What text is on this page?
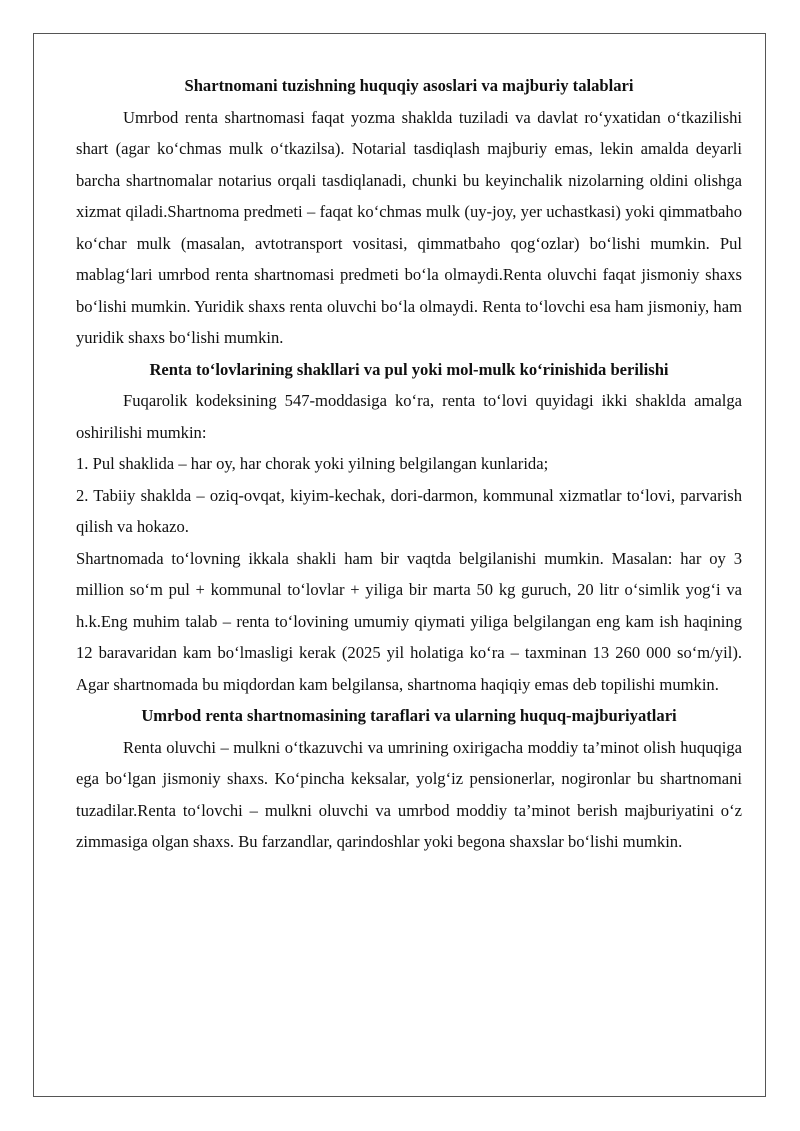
Shartnomani tuzishning huquqiy asoslari va majburiy talablari

Umrbod renta shartnomasi faqat yozma shaklda tuziladi va davlat ro‘yxatidan o‘tkazilishi shart (agar ko‘chmas mulk o‘tkazilsa). Notarial tasdiqlash majburiy emas, lekin amalda deyarli barcha shartnomalar notarius orqali tasdiqlanadi, chunki bu keyinchalik nizolarning oldini olishga xizmat qiladi.Shartnoma predmeti – faqat ko‘chmas mulk (uy-joy, yer uchastkasi) yoki qimmatbaho ko‘char mulk (masalan, avtotransport vositasi, qimmatbaho qog‘ozlar) bo‘lishi mumkin. Pul mablag‘lari umrbod renta shartnomasi predmeti bo‘la olmaydi.Renta oluvchi faqat jismoniy shaxs bo‘lishi mumkin. Yuridik shaxs renta oluvchi bo‘la olmaydi. Renta to‘lovchi esa ham jismoniy, ham yuridik shaxs bo‘lishi mumkin.

Renta to‘lovlarining shakllari va pul yoki mol-mulk ko‘rinishida berilishi

Fuqarolik kodeksining 547-moddasiga ko‘ra, renta to‘lovi quyidagi ikki shaklda amalga oshirilishi mumkin:

1. Pul shaklida – har oy, har chorak yoki yilning belgilangan kunlarida;

2. Tabiiy shaklda – oziq-ovqat, kiyim-kechak, dori-darmon, kommunal xizmatlar to‘lovi, parvarish qilish va hokazo.

Shartnomada to‘lovning ikkala shakli ham bir vaqtda belgilanishi mumkin. Masalan: har oy 3 million so‘m pul + kommunal to‘lovlar + yiliga bir marta 50 kg guruch, 20 litr o‘simlik yog‘i va h.k.Eng muhim talab – renta to‘lovining umumiy qiymati yiliga belgilangan eng kam ish haqining 12 baravaridan kam bo‘lmasligi kerak (2025 yil holatiga ko‘ra – taxminan 13 260 000 so‘m/yil). Agar shartnomada bu miqdordan kam belgilansa, shartnoma haqiqiy emas deb topilishi mumkin.

Umrbod renta shartnomasining taraflari va ularning huquq-majburiyatlari

Renta oluvchi – mulkni o‘tkazuvchi va umrining oxirigacha moddiy ta’minot olish huquqiga ega bo‘lgan jismoniy shaxs. Ko‘pincha keksalar, yolg‘iz pensionerlar, nogironlar bu shartnomani tuzadilar.Renta to‘lovchi – mulkni oluvchi va umrbod moddiy ta’minot berish majburiyatini o‘z zimmasiga olgan shaxs. Bu farzandlar, qarindoshlar yoki begona shaxslar bo‘lishi mumkin.
